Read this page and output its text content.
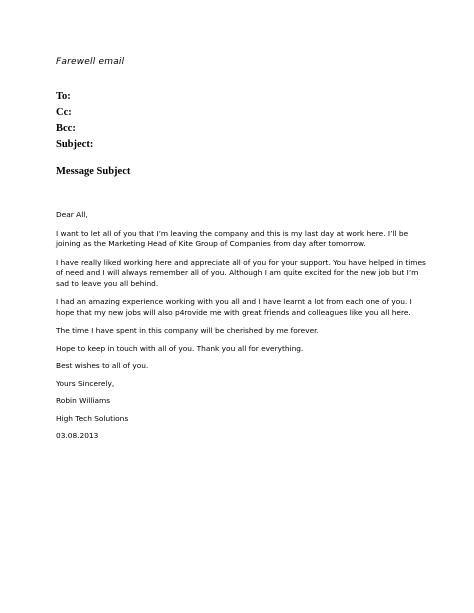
Farewell email
To:
Cc:
Bcc:
Subject:
Message Subject

Dear All,

I want to let all of you that I’m leaving the company and this is my last day at work here. I’ll be joining as the Marketing Head of Kite Group of Companies from day after tomorrow.

I have really liked working here and appreciate all of you for your support. You have helped in times of need and I will always remember all of you. Although I am quite excited for the new job but I’m sad to leave you all behind.

I had an amazing experience working with you all and I have learnt a lot from each one of you. I hope that my new jobs will also p4rovide me with great friends and colleagues like you all here.

The time I have spent in this company will be cherished by me forever.

Hope to keep in touch with all of you. Thank you all for everything.

Best wishes to all of you.

Yours Sincerely,

Robin Williams

High Tech Solutions

03.08.2013
